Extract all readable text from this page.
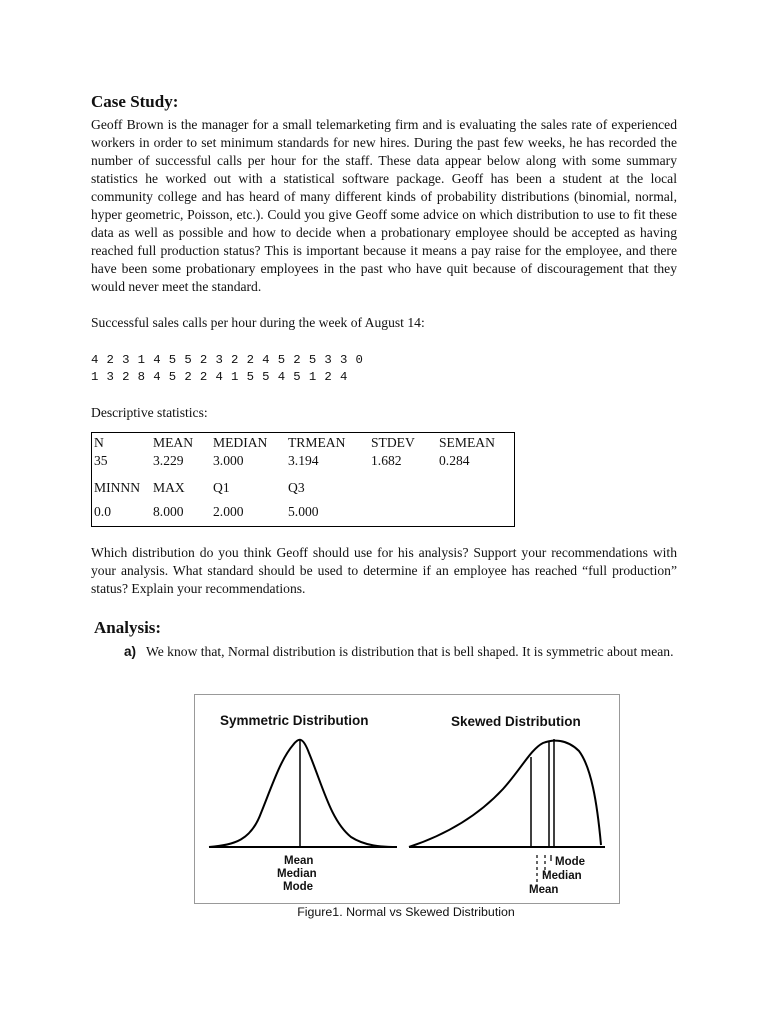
Case Study:

Geoff Brown is the manager for a small telemarketing firm and is evaluating the sales rate of experienced workers in order to set minimum standards for new hires. During the past few weeks, he has recorded the number of successful calls per hour for the staff. These data appear below along with some summary statistics he worked out with a statistical software package. Geoff has been a student at the local community college and has heard of many different kinds of probability distributions (binomial, normal, hyper geometric, Poisson, etc.). Could you give Geoff some advice on which distribution to use to fit these data as well as possible and how to decide when a probationary employee should be accepted as having reached full production status? This is important because it means a pay raise for the employee, and there have been some probationary employees in the past who have quit because of discouragement that they would never meet the standard.

Successful sales calls per hour during the week of August 14:

4 2 3 1 4 5 5 2 3 2 2 4 5 2 5 3 3 0

1 3 2 8 4 5 2 2 4 1 5 5 4 5 1 2 4

Descriptive statistics:

N	MEAN MEDIAN TRMEAN STDEV SEMEAN
35	3.229 3.000	3.194	1.682	0.284
MINNN MAX Q1	Q3
0.0	8.000 2.000	5.000

Which distribution do you think Geoff should use for his analysis? Support your recommendations with your analysis. What standard should be used to determine if an employee has reached “full production” status? Explain your recommendations.

Analysis:
a) We know that, Normal distribution is distribution that is bell shaped. It is symmetric about mean.
Symmetric Distribution	Skewed Distribution
Mean
Median
Mode
Mode
Median
Mean
Figure1. Normal vs Skewed Distribution
